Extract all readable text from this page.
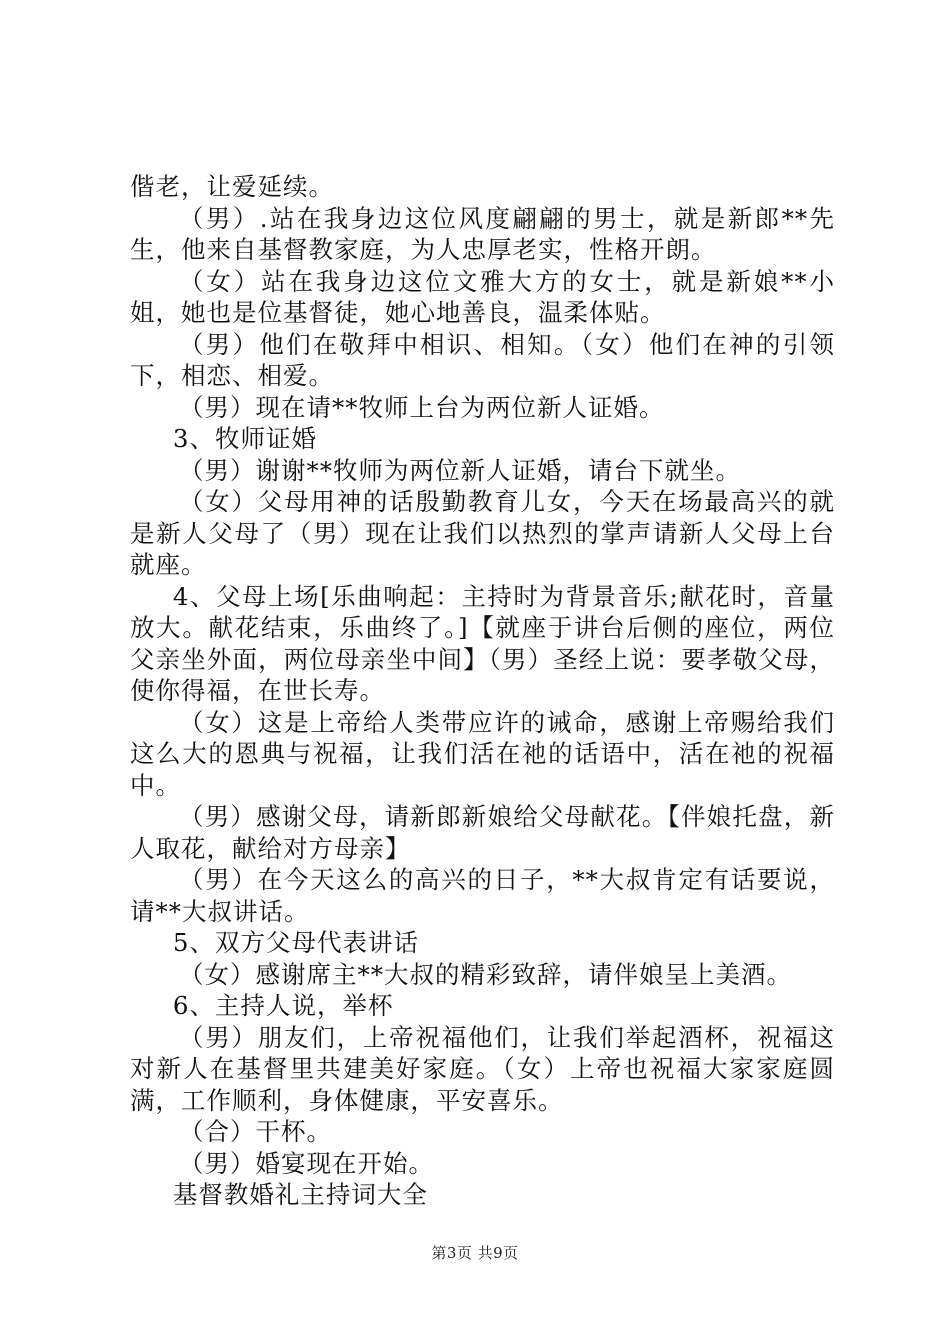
偕老，让爱延续。

（男）.站在我身边这位风度翩翩的男士，就是新郎**先生，他来自基督教家庭，为人忠厚老实，性格开朗。

（女）站在我身边这位文雅大方的女士，就是新娘**小姐，她也是位基督徒，她心地善良，温柔体贴。

（男）他们在敬拜中相识、相知。（女）他们在神的引领下，相恋、相爱。

（男）现在请**牧师上台为两位新人证婚。

3、牧师证婚

（男）谢谢**牧师为两位新人证婚，请台下就坐。

（女）父母用神的话殷勤教育儿女，今天在场最高兴的就是新人父母了（男）现在让我们以热烈的掌声请新人父母上台就座。

4、父母上场[乐曲响起：主持时为背景音乐;献花时，音量放大。献花结束，乐曲终了。]【就座于讲台后侧的座位，两位父亲坐外面，两位母亲坐中间】（男）圣经上说：要孝敬父母，使你得福，在世长寿。

（女）这是上帝给人类带应许的诫命，感谢上帝赐给我们这么大的恩典与祝福，让我们活在祂的话语中，活在祂的祝福中。

（男）感谢父母，请新郎新娘给父母献花。【伴娘托盘，新人取花，献给对方母亲】

（男）在今天这么的高兴的日子，**大叔肯定有话要说，请**大叔讲话。

5、双方父母代表讲话

（女）感谢席主**大叔的精彩致辞，请伴娘呈上美酒。

6、主持人说，举杯

（男）朋友们，上帝祝福他们，让我们举起酒杯，祝福这对新人在基督里共建美好家庭。（女）上帝也祝福大家家庭圆满，工作顺利，身体健康，平安喜乐。

（合）干杯。

（男）婚宴现在开始。

基督教婚礼主持词大全

第3页 共9页
